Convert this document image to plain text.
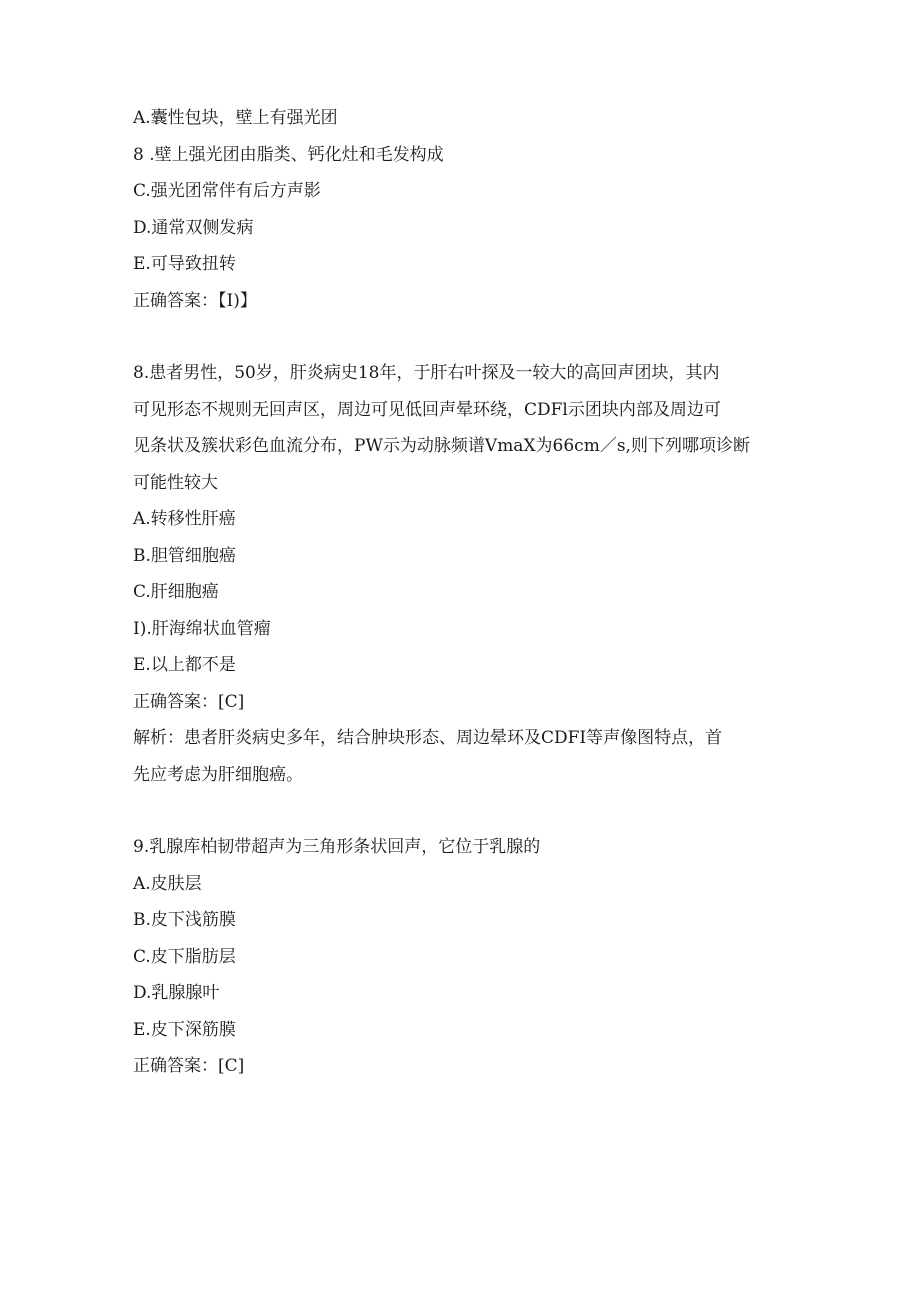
A.囊性包块，壁上有强光团

8 .壁上强光团由脂类、钙化灶和毛发构成

C.强光团常伴有后方声影

D.通常双侧发病

E.可导致扭转

正确答案：【I)】

8.患者男性，50岁，肝炎病史18年，于肝右叶探及一较大的高回声团块，其内

可见形态不规则无回声区，周边可见低回声晕环绕，CDFl示团块内部及周边可

见条状及簇状彩色血流分布，PW示为动脉频谱VmaX为66cm／s,则下列哪项诊断

可能性较大

A.转移性肝癌

B.胆管细胞癌

C.肝细胞癌

I).肝海绵状血管瘤

E.以上都不是

正确答案：[C]

解析：患者肝炎病史多年，结合肿块形态、周边晕环及CDFI等声像图特点，首

先应考虑为肝细胞癌。

9.乳腺库柏韧带超声为三角形条状回声，它位于乳腺的

A.皮肤层

B.皮下浅筋膜

C.皮下脂肪层

D.乳腺腺叶

E.皮下深筋膜

正确答案：[C]
